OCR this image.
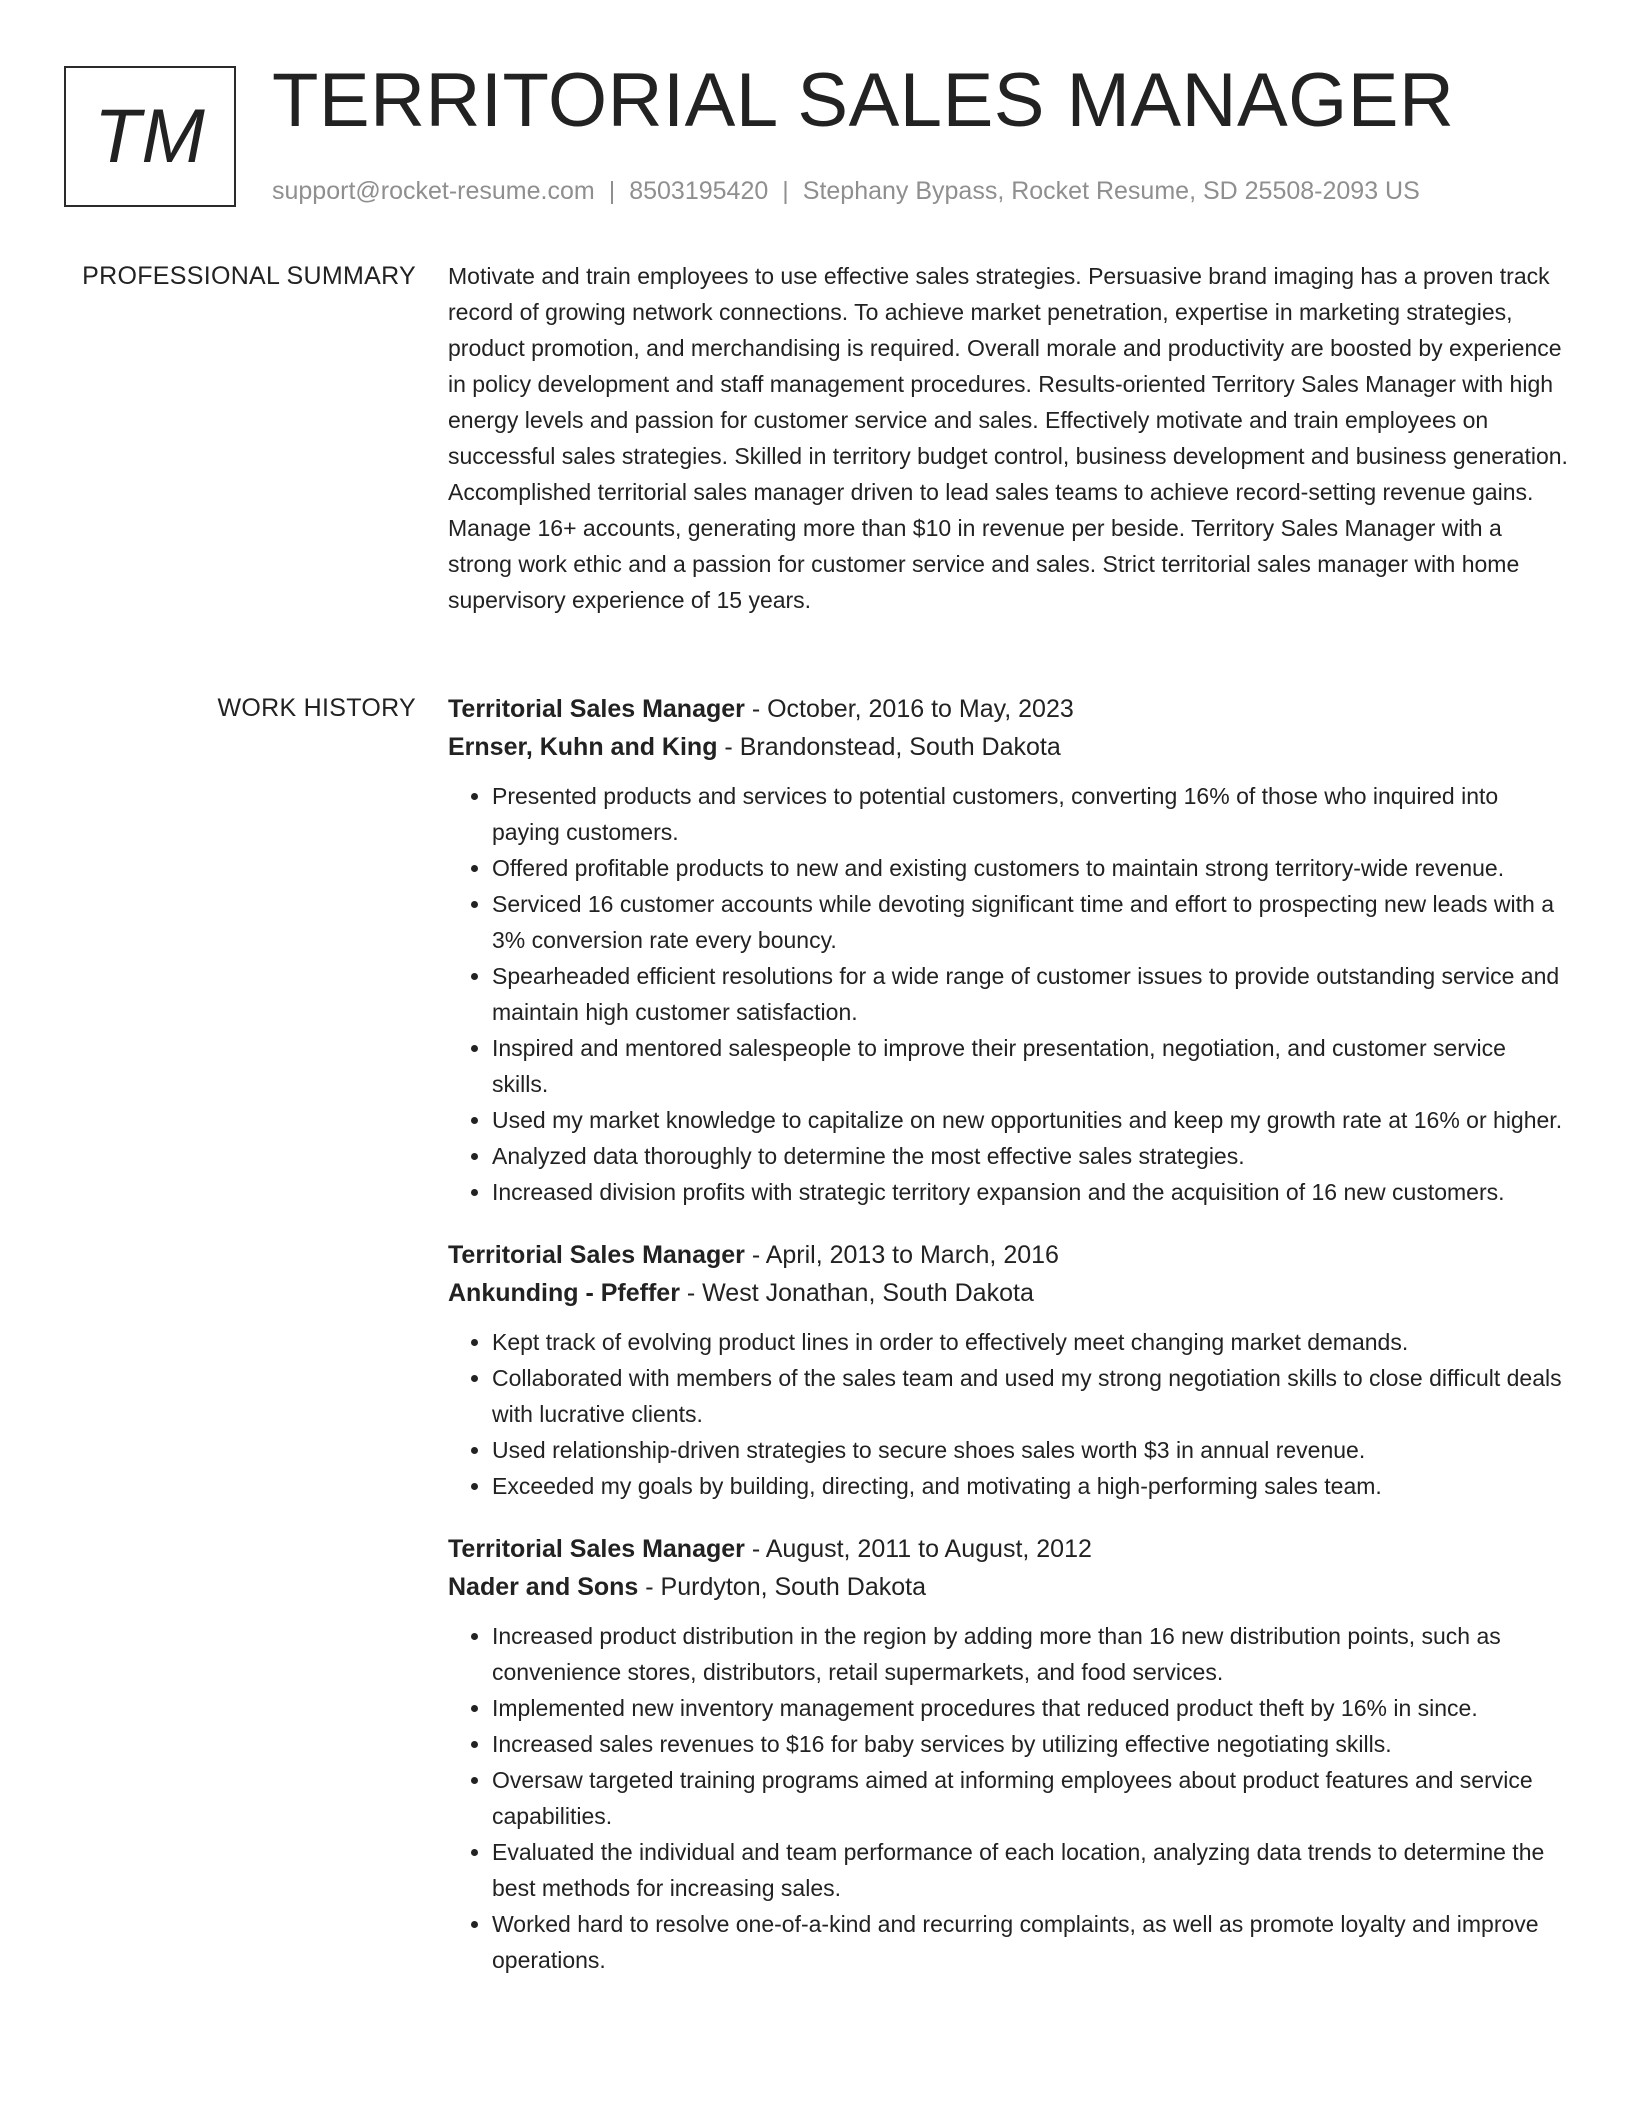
TM TERRITORIAL SALES MANAGER
support@rocket-resume.com | 8503195420 | Stephany Bypass, Rocket Resume, SD 25508-2093 US
PROFESSIONAL SUMMARY Motivate and train employees to use effective sales strategies. Persuasive brand imaging has a proven track record of growing network connections. To achieve market penetration, expertise in marketing strategies, product promotion, and merchandising is required. Overall morale and productivity are boosted by experience in policy development and staff management procedures. Results-oriented Territory Sales Manager with high energy levels and passion for customer service and sales. Effectively motivate and train employees on successful sales strategies. Skilled in territory budget control, business development and business generation. Accomplished territorial sales manager driven to lead sales teams to achieve record-setting revenue gains. Manage 16+ accounts, generating more than $10 in revenue per beside. Territory Sales Manager with a strong work ethic and a passion for customer service and sales. Strict territorial sales manager with home supervisory experience of 15 years.

WORK HISTORY Territorial Sales Manager - October, 2016 to May, 2023
Ernser, Kuhn and King - Brandonstead, South Dakota
• Presented products and services to potential customers, converting 16% of those who inquired into paying customers.
• Offered profitable products to new and existing customers to maintain strong territory-wide revenue.
• Serviced 16 customer accounts while devoting significant time and effort to prospecting new leads with a 3% conversion rate every bouncy.
• Spearheaded efficient resolutions for a wide range of customer issues to provide outstanding service and maintain high customer satisfaction.
• Inspired and mentored salespeople to improve their presentation, negotiation, and customer service skills.
• Used my market knowledge to capitalize on new opportunities and keep my growth rate at 16% or higher.
• Analyzed data thoroughly to determine the most effective sales strategies.
• Increased division profits with strategic territory expansion and the acquisition of 16 new customers.
Territorial Sales Manager - April, 2013 to March, 2016
Ankunding - Pfeffer - West Jonathan, South Dakota
• Kept track of evolving product lines in order to effectively meet changing market demands.
• Collaborated with members of the sales team and used my strong negotiation skills to close difficult deals with lucrative clients.
• Used relationship-driven strategies to secure shoes sales worth $3 in annual revenue.
• Exceeded my goals by building, directing, and motivating a high-performing sales team.
Territorial Sales Manager - August, 2011 to August, 2012
Nader and Sons - Purdyton, South Dakota
• Increased product distribution in the region by adding more than 16 new distribution points, such as convenience stores, distributors, retail supermarkets, and food services.
• Implemented new inventory management procedures that reduced product theft by 16% in since.
• Increased sales revenues to $16 for baby services by utilizing effective negotiating skills.
• Oversaw targeted training programs aimed at informing employees about product features and service capabilities.
• Evaluated the individual and team performance of each location, analyzing data trends to determine the best methods for increasing sales.
• Worked hard to resolve one-of-a-kind and recurring complaints, as well as promote loyalty and improve operations.
